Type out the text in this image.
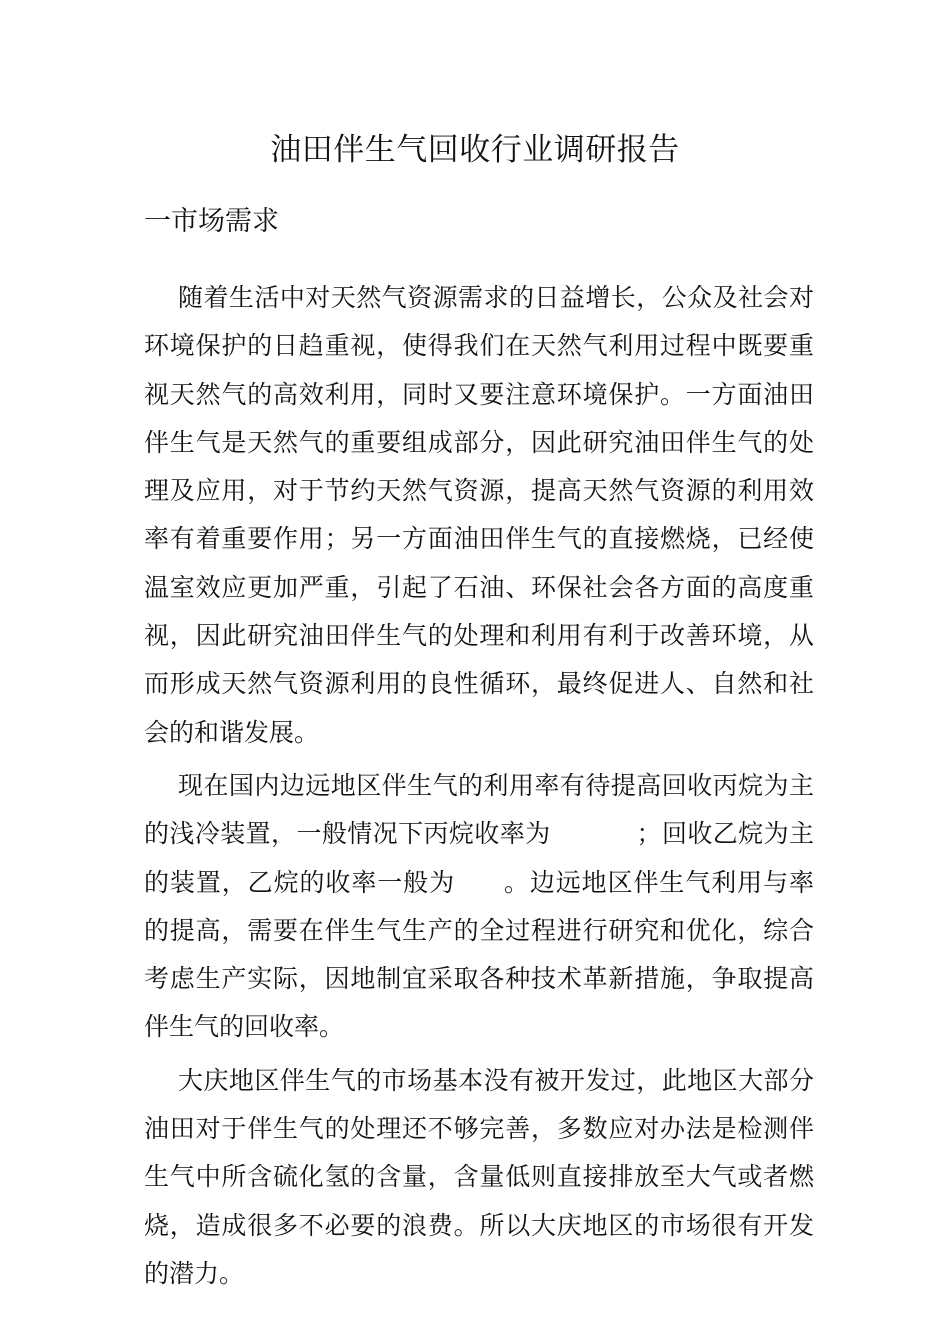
油田伴生气回收行业调研报告
一市场需求

随着生活中对天然气资源需求的日益增长，公众及社会对环境保护的日趋重视，使得我们在天然气利用过程中既要重视天然气的高效利用，同时又要注意环境保护。一方面油田伴生气是天然气的重要组成部分，因此研究油田伴生气的处理及应用，对于节约天然气资源，提高天然气资源的利用效率有着重要作用；另一方面油田伴生气的直接燃烧，已经使温室效应更加严重，引起了石油、环保社会各方面的高度重视，因此研究油田伴生气的处理和利用有利于改善环境，从而形成天然气资源利用的良性循环，最终促进人、自然和社会的和谐发展。

现在国内边远地区伴生气的利用率有待提高回收丙烷为主的浅冷装置，一般情况下丙烷收率为	；回收乙烷为主的装置，乙烷的收率一般为 。边远地区伴生气利用与率的提高，需要在伴生气生产的全过程进行研究和优化，综合考虑生产实际，因地制宜采取各种技术革新措施，争取提高伴生气的回收率。

大庆地区伴生气的市场基本没有被开发过，此地区大部分油田对于伴生气的处理还不够完善，多数应对办法是检测伴生气中所含硫化氢的含量，含量低则直接排放至大气或者燃烧，造成很多不必要的浪费。所以大庆地区的市场很有开发的潜力。
